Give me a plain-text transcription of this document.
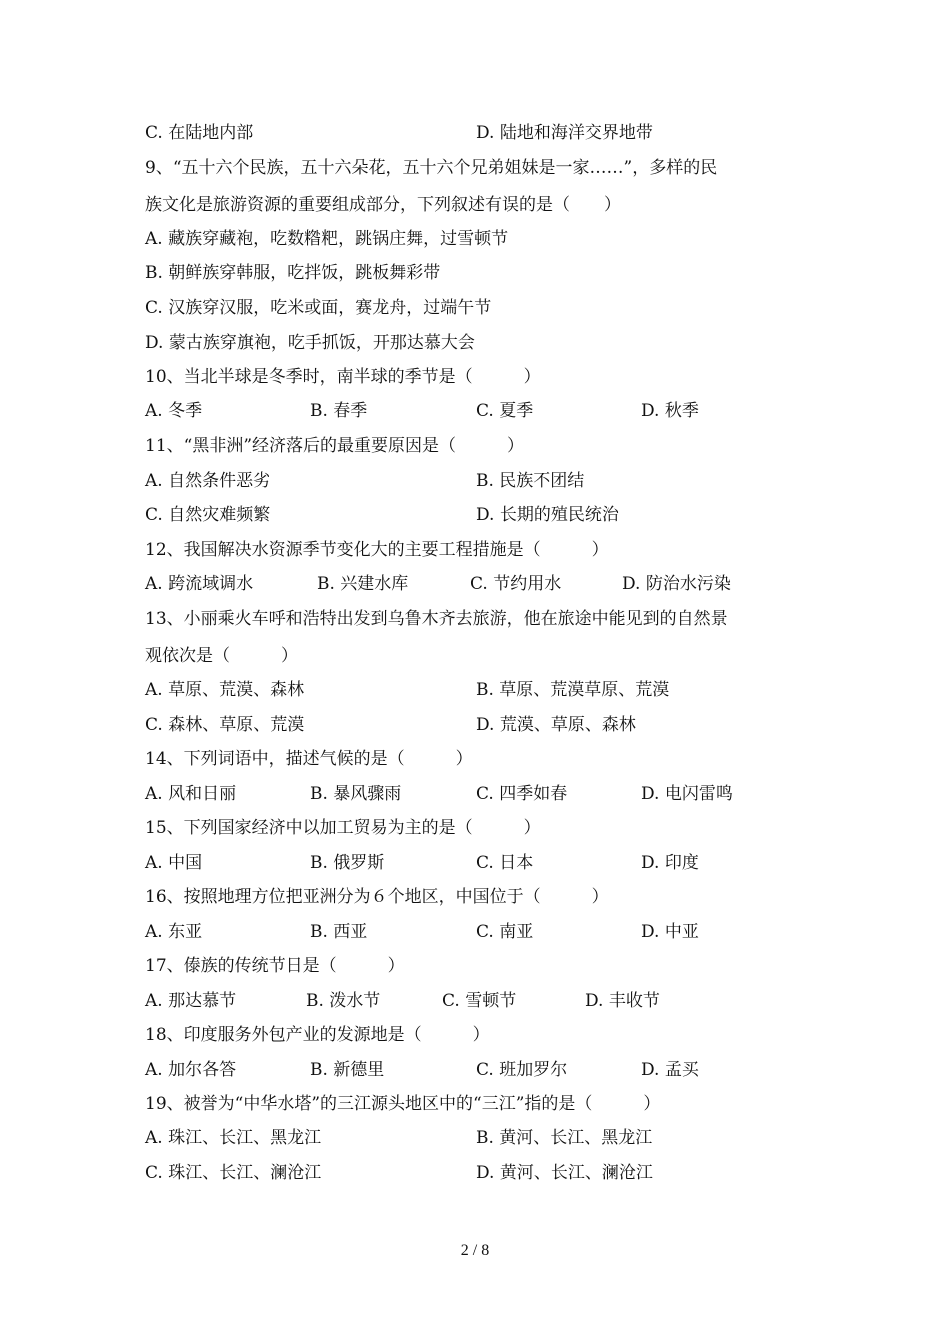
C. 在陆地内部	D. 陆地和海洋交界地带
9、“五十六个民族，五十六朵花，五十六个兄弟姐妹是一家……”，多样的民
族文化是旅游资源的重要组成部分，下列叙述有误的是（　　）
A. 藏族穿藏袍，吃数糌粑，跳锅庄舞，过雪顿节
B. 朝鲜族穿韩服，吃拌饭，跳板舞彩带
C. 汉族穿汉服，吃米或面，赛龙舟，过端午节
D. 蒙古族穿旗袍，吃手抓饭，开那达慕大会
10、当北半球是冬季时，南半球的季节是（　　　）
A. 冬季	B. 春季	C. 夏季	D. 秋季
11、“黑非洲”经济落后的最重要原因是（　　　）
A. 自然条件恶劣	B. 民族不团结
C. 自然灾难频繁	D. 长期的殖民统治
12、我国解决水资源季节变化大的主要工程措施是（　　　）
A. 跨流域调水	B. 兴建水库	C. 节约用水	D. 防治水污染
13、小丽乘火车呼和浩特出发到乌鲁木齐去旅游，他在旅途中能见到的自然景
观依次是（　　　）
A. 草原、荒漠、森林	B. 草原、荒漠草原、荒漠
C. 森林、草原、荒漠	D. 荒漠、草原、森林
14、下列词语中，描述气候的是（　　　）
A. 风和日丽	B. 暴风骤雨	C. 四季如春	D. 电闪雷鸣
15、下列国家经济中以加工贸易为主的是（　　　）
A. 中国	B. 俄罗斯	C. 日本	D. 印度
16、按照地理方位把亚洲分为６个地区，中国位于（　　　）
A. 东亚	B. 西亚	C. 南亚	D. 中亚
17、傣族的传统节日是（　　　）
A. 那达慕节	B. 泼水节	C. 雪顿节	D. 丰收节
18、印度服务外包产业的发源地是（　　　）
A. 加尔各答	B. 新德里	C. 班加罗尔	D. 孟买
19、被誉为“中华水塔”的三江源头地区中的“三江”指的是（　　　）
A. 珠江、长江、黑龙江	B. 黄河、长江、黑龙江
C. 珠江、长江、澜沧江	D. 黄河、长江、澜沧江
2 / 8
